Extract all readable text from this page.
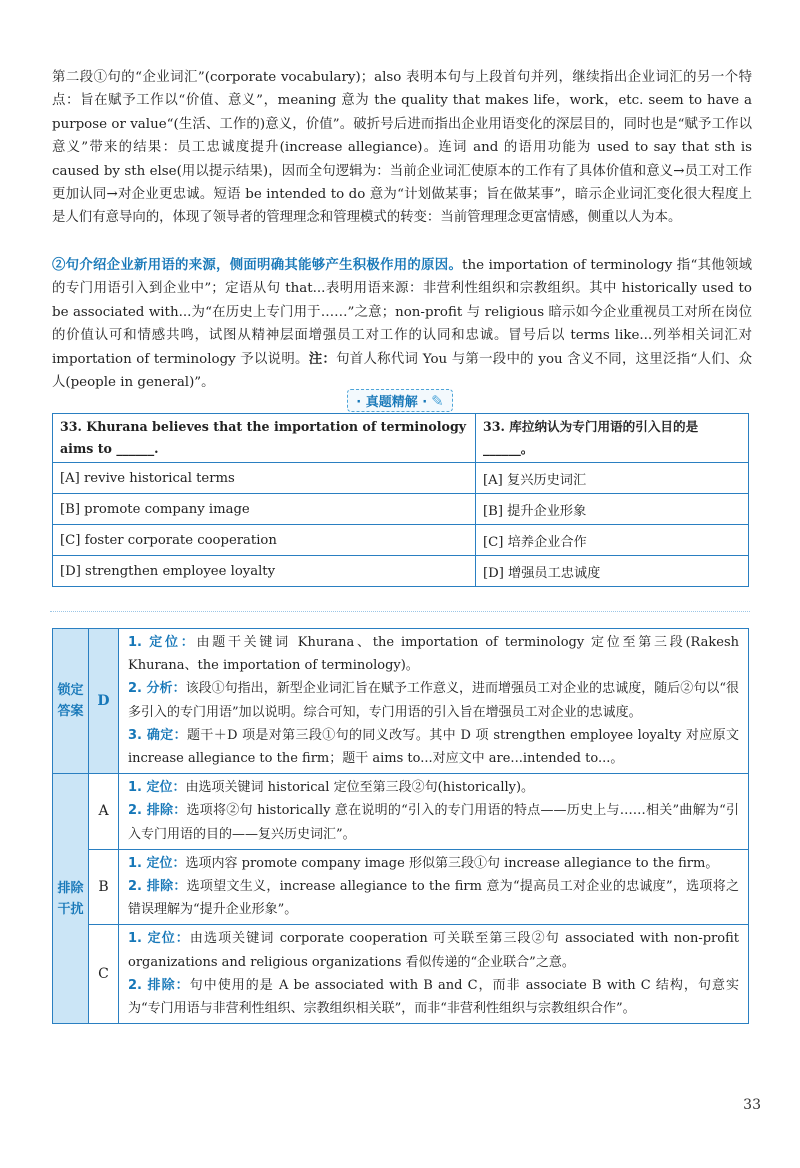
第二段①句的“企业词汇”(corporate vocabulary)；also 表明本句与上段首句并列，继续指出企业词汇的另一个特点：旨在赋予工作以“价值、意义”，meaning 意为 the quality that makes life，work，etc. seem to have a purpose or value“(生活、工作的)意义，价值”。破折号后进而指出企业用语变化的深层目的，同时也是“赋予工作以意义”带来的结果：员工忠诚度提升(increase allegiance)。连词 and 的语用功能为 used to say that sth is caused by sth else(用以提示结果)，因而全句逻辑为：当前企业词汇使原本的工作有了具体价值和意义→员工对工作更加认同→对企业更忠诚。短语 be intended to do 意为“计划做某事；旨在做某事”，暗示企业词汇变化很大程度上是人们有意导向的，体现了领导者的管理理念和管理模式的转变：当前管理理念更富情感，侧重以人为本。

②句介绍企业新用语的来源，侧面明确其能够产生积极作用的原因。the importation of terminology 指“其他领域的专门用语引入到企业中”；定语从句 that...表明用语来源：非营利性组织和宗教组织。其中 historically used to be associated with...为“在历史上专门用于……”之意；non-profit 与 religious 暗示如今企业重视员工对所在岗位的价值认可和情感共鸣，试图从精神层面增强员工对工作的认同和忠诚。冒号后以 terms like...列举相关词汇对 importation of terminology 予以说明。注：句首人称代词 You 与第一段中的 you 含义不同，这里泛指“人们、众人(people in general)”。

· 真题精解 · ✎
33. Khurana believes that the importation of terminology aims to ______.	33. 库拉纳认为专门用语的引入目的是______。
[A] revive historical terms	[A] 复兴历史词汇
[B] promote company image	[B] 提升企业形象
[C] foster corporate cooperation	[C] 培养企业合作
[D] strengthen employee loyalty	[D] 增强员工忠诚度
锁定答案	D	1. 定位：由题干关键词 Khurana、the importation of terminology 定位至第三段(Rakesh Khurana、the importation of terminology)。

2. 分析：该段①句指出，新型企业词汇旨在赋予工作意义，进而增强员工对企业的忠诚度，随后②句以“很多引入的专门用语”加以说明。综合可知，专门用语的引入旨在增强员工对企业的忠诚度。

3. 确定：题干＋D 项是对第三段①句的同义改写。其中 D 项 strengthen employee loyalty 对应原文 increase allegiance to the firm；题干 aims to...对应文中 are...intended to...。

排除干扰	A	1. 定位：由选项关键词 historical 定位至第三段②句(historically)。

2. 排除：选项将②句 historically 意在说明的“引入的专门用语的特点——历史上与……相关”曲解为“引入专门用语的目的——复兴历史词汇”。

	B	1. 定位：选项内容 promote company image 形似第三段①句 increase allegiance to the firm。

2. 排除：选项望文生义，increase allegiance to the firm 意为“提高员工对企业的忠诚度”，选项将之错误理解为“提升企业形象”。

	C	1. 定位：由选项关键词 corporate cooperation 可关联至第三段②句 associated with non-profit organizations and religious organizations 看似传递的“企业联合”之意。

2. 排除：句中使用的是 A be associated with B and C，而非 associate B with C 结构，句意实为“专门用语与非营利性组织、宗教组织相关联”，而非“非营利性组织与宗教组织合作”。

33
